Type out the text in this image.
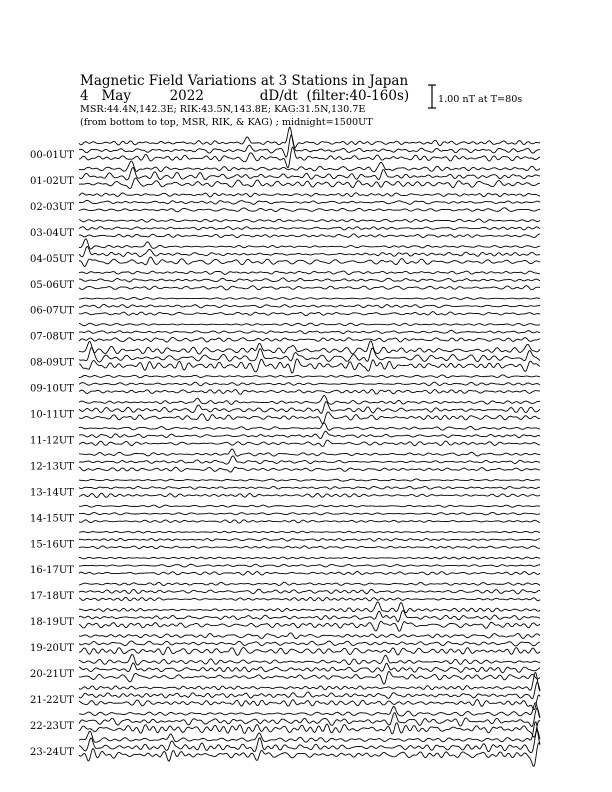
Magnetic Field Variations at 3 Stations in Japan
4 May	2022	dD/dt (filter:40-160s)
MSR:44.4N,142.3E; RIK:43.5N,143.8E; KAG:31.5N,130.7E
(from bottom to top, MSR, RIK, & KAG) ; midnight=1500UT
1.00 nT at T=80s
00-01UT
01-02UT
02-03UT
03-04UT
04-05UT
05-06UT
06-07UT
07-08UT
08-09UT
09-10UT
10-11UT
11-12UT
12-13UT
13-14UT
14-15UT
15-16UT
16-17UT
17-18UT
18-19UT
19-20UT
20-21UT
21-22UT
22-23UT
23-24UT
